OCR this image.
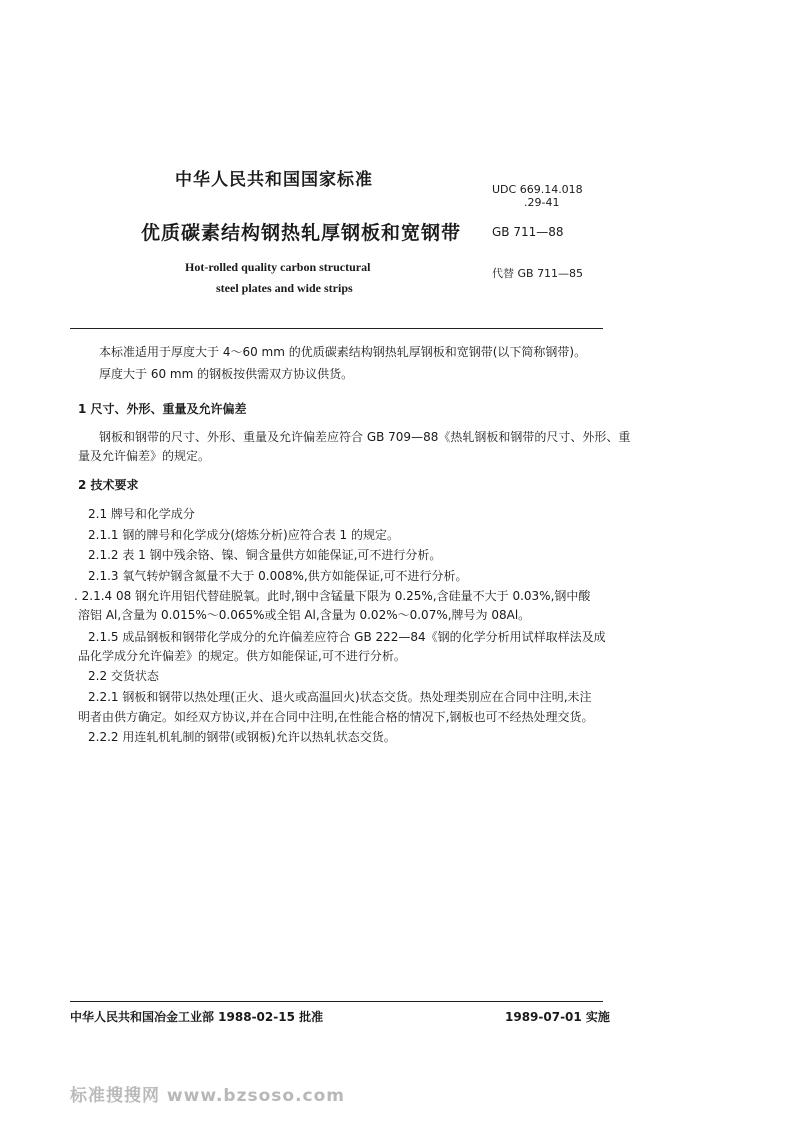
中华人民共和国国家标准	UDC 669.14.018
.29-41
优质碳素结构钢热轧厚钢板和宽钢带	GB 711—88
Hot-rolled quality carbon structural
steel plates and wide strips
代替 GB 711—85
本标准适用于厚度大于 4～60 mm 的优质碳素结构钢热轧厚钢板和宽钢带(以下简称钢带)。
厚度大于 60 mm 的钢板按供需双方协议供货。
1 尺寸、外形、重量及允许偏差
钢板和钢带的尺寸、外形、重量及允许偏差应符合 GB 709—88《热轧钢板和钢带的尺寸、外形、重
量及允许偏差》的规定。
2 技术要求
2.1 牌号和化学成分
2.1.1 钢的牌号和化学成分(熔炼分析)应符合表 1 的规定。
2.1.2 表 1 钢中残余铬、镍、铜含量供方如能保证,可不进行分析。
2.1.3 氧气转炉钢含氮量不大于 0.008%,供方如能保证,可不进行分析。
. 2.1.4 08 钢允许用铝代替硅脱氧。此时,钢中含锰量下限为 0.25%,含硅量不大于 0.03%,钢中酸
溶铝 Al,含量为 0.015%～0.065%或全铝 Al,含量为 0.02%～0.07%,牌号为 08Al。
2.1.5 成品钢板和钢带化学成分的允许偏差应符合 GB 222—84《钢的化学分析用试样取样法及成
品化学成分允许偏差》的规定。供方如能保证,可不进行分析。
2.2 交货状态
2.2.1 钢板和钢带以热处理(正火、退火或高温回火)状态交货。热处理类别应在合同中注明,未注
明者由供方确定。如经双方协议,并在合同中注明,在性能合格的情况下,钢板也可不经热处理交货。
2.2.2 用连轧机轧制的钢带(或钢板)允许以热轧状态交货。
中华人民共和国冶金工业部 1988-02-15 批准	1989-07-01 实施
标准搜搜网 www.bzsoso.com
